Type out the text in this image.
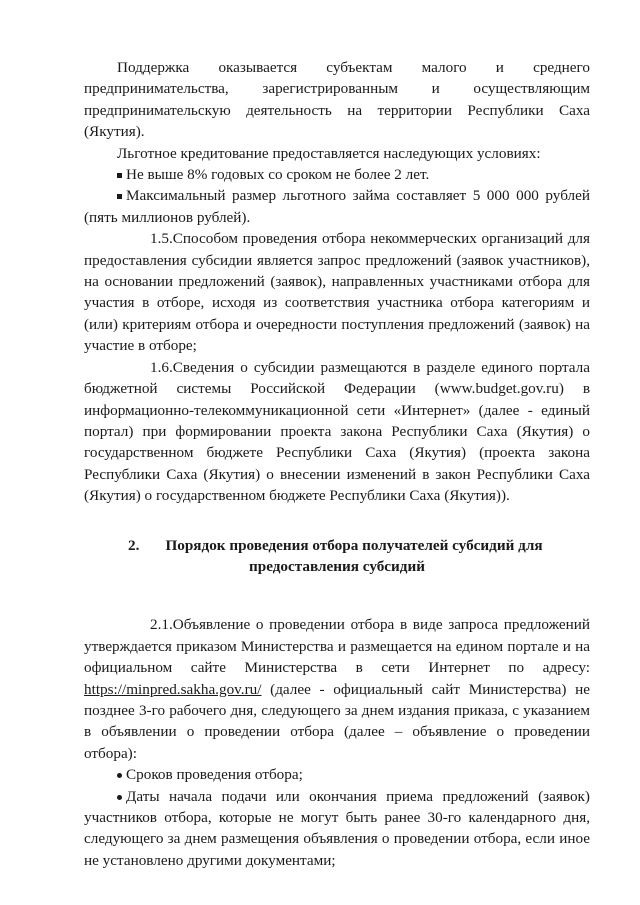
Поддержка оказывается субъектам малого и среднего предпринимательства, зарегистрированным и осуществляющим предпринимательскую деятельность на территории Республики Саха (Якутия).

Льготное кредитование предоставляется наследующих условиях:

Не выше 8% годовых со сроком не более 2 лет.

Максимальный размер льготного займа составляет 5 000 000 рублей (пять миллионов рублей).

1.5.Способом проведения отбора некоммерческих организаций для предоставления субсидии является запрос предложений (заявок участников), на основании предложений (заявок), направленных участниками отбора для участия в отборе, исходя из соответствия участника отбора категориям и (или) критериям отбора и очередности поступления предложений (заявок) на участие в отборе;

1.6.Сведения о субсидии размещаются в разделе единого портала бюджетной системы Российской Федерации (www.budget.gov.ru) в информационно-телекоммуникационной сети «Интернет» (далее - единый портал) при формировании проекта закона Республики Саха (Якутия) о государственном бюджете Республики Саха (Якутия) (проекта закона Республики Саха (Якутия) о внесении изменений в закон Республики Саха (Якутия) о государственном бюджете Республики Саха (Якутия)).

2.	Порядок проведения отбора получателей субсидий для
предоставления субсидий

2.1.Объявление о проведении отбора в виде запроса предложений утверждается приказом Министерства и размещается на едином портале и на официальном сайте Министерства в сети Интернет по адресу: https://minpred.sakha.gov.ru/ (далее - официальный сайт Министерства) не позднее 3-го рабочего дня, следующего за днем издания приказа, с указанием в объявлении о проведении отбора (далее – объявление о проведении отбора):

Сроков проведения отбора;

Даты начала подачи или окончания приема предложений (заявок) участников отбора, которые не могут быть ранее 30-го календарного дня, следующего за днем размещения объявления о проведении отбора, если иное не установлено другими документами;
